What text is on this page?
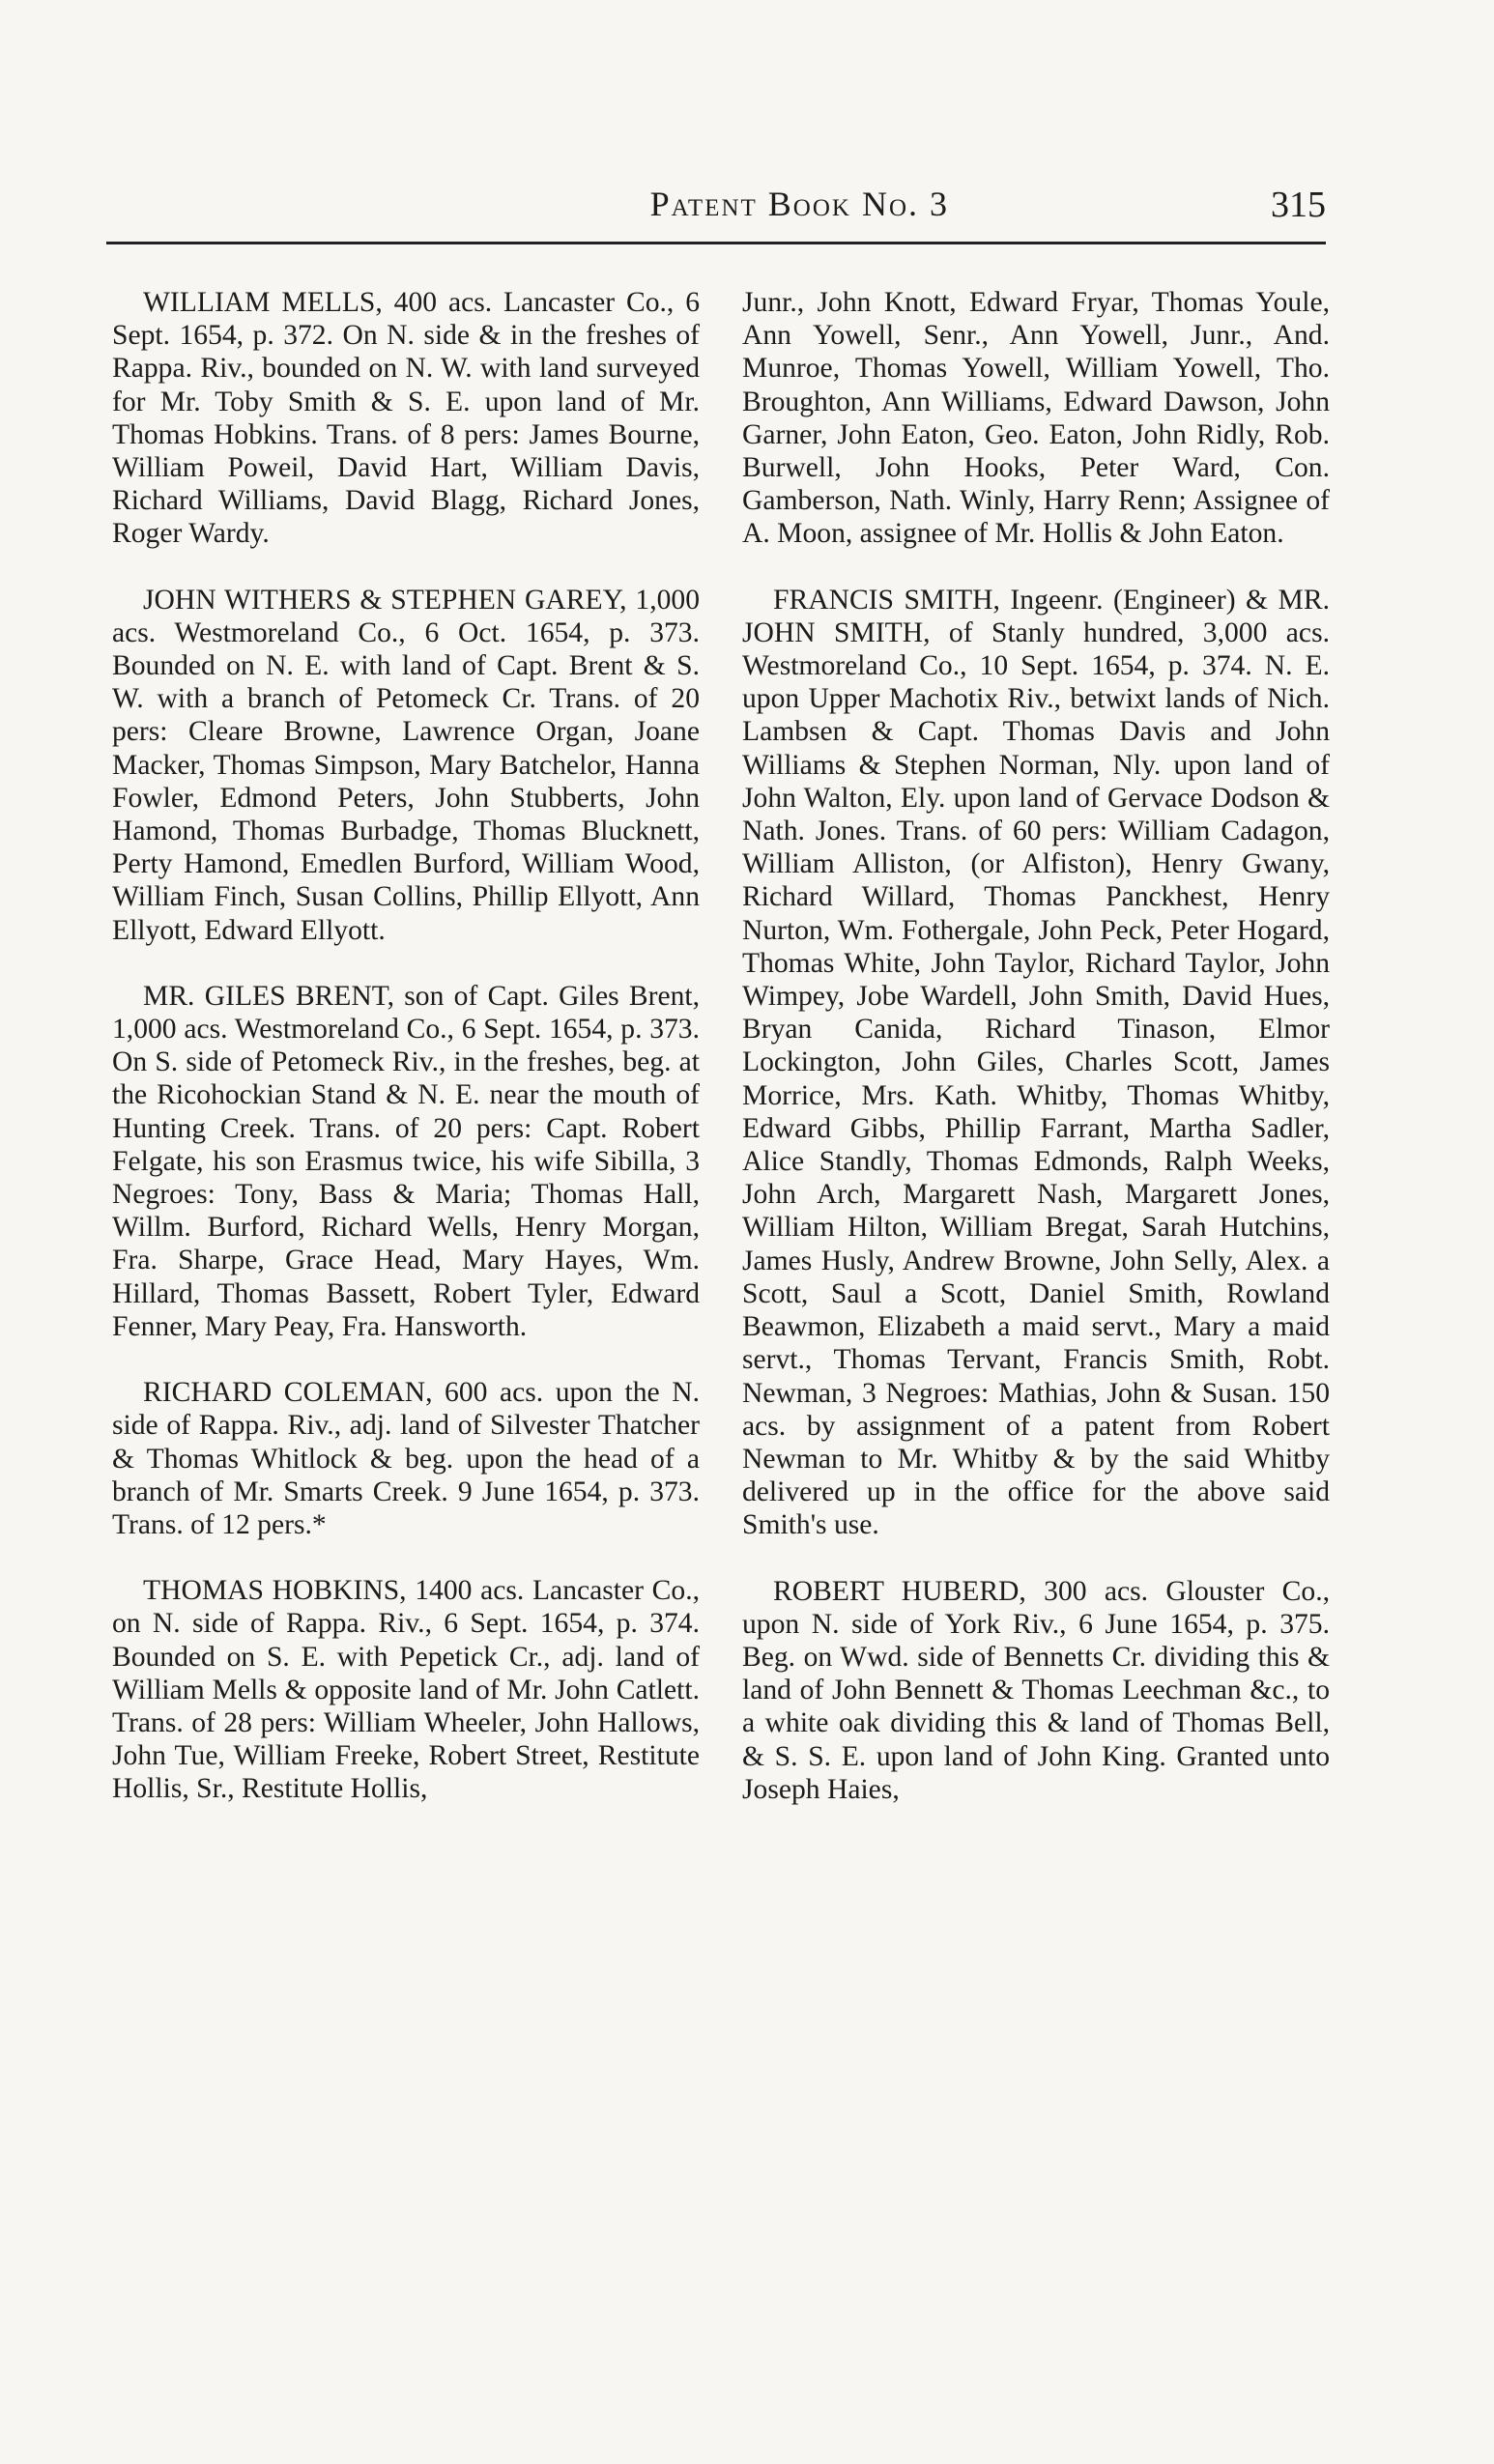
Patent Book No. 3	315

WILLIAM MELLS, 400 acs. Lancaster Co., 6 Sept. 1654, p. 372. On N. side & in the freshes of Rappa. Riv., bounded on N. W. with land surveyed for Mr. Toby Smith & S. E. upon land of Mr. Thomas Hobkins. Trans. of 8 pers: James Bourne, William Poweil, David Hart, William Davis, Richard Williams, David Blagg, Richard Jones, Roger Wardy.

JOHN WITHERS & STEPHEN GAREY, 1,000 acs. Westmoreland Co., 6 Oct. 1654, p. 373. Bounded on N. E. with land of Capt. Brent & S. W. with a branch of Petomeck Cr. Trans. of 20 pers: Cleare Browne, Lawrence Organ, Joane Macker, Thomas Simpson, Mary Batchelor, Hanna Fowler, Edmond Peters, John Stubberts, John Hamond, Thomas Burbadge, Thomas Blucknett, Perty Hamond, Emedlen Burford, William Wood, William Finch, Susan Collins, Phillip Ellyott, Ann Ellyott, Edward Ellyott.

MR. GILES BRENT, son of Capt. Giles Brent, 1,000 acs. Westmoreland Co., 6 Sept. 1654, p. 373. On S. side of Petomeck Riv., in the freshes, beg. at the Ricohockian Stand & N. E. near the mouth of Hunting Creek. Trans. of 20 pers: Capt. Robert Felgate, his son Erasmus twice, his wife Sibilla, 3 Negroes: Tony, Bass & Maria; Thomas Hall, Willm. Burford, Richard Wells, Henry Morgan, Fra. Sharpe, Grace Head, Mary Hayes, Wm. Hillard, Thomas Bassett, Robert Tyler, Edward Fenner, Mary Peay, Fra. Hansworth.

RICHARD COLEMAN, 600 acs. upon the N. side of Rappa. Riv., adj. land of Silvester Thatcher & Thomas Whitlock & beg. upon the head of a branch of Mr. Smarts Creek. 9 June 1654, p. 373. Trans. of 12 pers.*

THOMAS HOBKINS, 1400 acs. Lancaster Co., on N. side of Rappa. Riv., 6 Sept. 1654, p. 374. Bounded on S. E. with Pepetick Cr., adj. land of William Mells & opposite land of Mr. John Catlett. Trans. of 28 pers: William Wheeler, John Hallows, John Tue, William Freeke, Robert Street, Restitute Hollis, Sr., Restitute Hollis,

Junr., John Knott, Edward Fryar, Thomas Youle, Ann Yowell, Senr., Ann Yowell, Junr., And. Munroe, Thomas Yowell, William Yowell, Tho. Broughton, Ann Williams, Edward Dawson, John Garner, John Eaton, Geo. Eaton, John Ridly, Rob. Burwell, John Hooks, Peter Ward, Con. Gamberson, Nath. Winly, Harry Renn; Assignee of A. Moon, assignee of Mr. Hollis & John Eaton.

FRANCIS SMITH, Ingeenr. (Engineer) & MR. JOHN SMITH, of Stanly hundred, 3,000 acs. Westmoreland Co., 10 Sept. 1654, p. 374. N. E. upon Upper Machotix Riv., betwixt lands of Nich. Lambsen & Capt. Thomas Davis and John Williams & Stephen Norman, Nly. upon land of John Walton, Ely. upon land of Gervace Dodson & Nath. Jones. Trans. of 60 pers: William Cadagon, William Alliston, (or Alfiston), Henry Gwany, Richard Willard, Thomas Panckhest, Henry Nurton, Wm. Fothergale, John Peck, Peter Hogard, Thomas White, John Taylor, Richard Taylor, John Wimpey, Jobe Wardell, John Smith, David Hues, Bryan Canida, Richard Tinason, Elmor Lockington, John Giles, Charles Scott, James Morrice, Mrs. Kath. Whitby, Thomas Whitby, Edward Gibbs, Phillip Farrant, Martha Sadler, Alice Standly, Thomas Edmonds, Ralph Weeks, John Arch, Margarett Nash, Margarett Jones, William Hilton, William Bregat, Sarah Hutchins, James Husly, Andrew Browne, John Selly, Alex. a Scott, Saul a Scott, Daniel Smith, Rowland Beawmon, Elizabeth a maid servt., Mary a maid servt., Thomas Tervant, Francis Smith, Robt. Newman, 3 Negroes: Mathias, John & Susan. 150 acs. by assignment of a patent from Robert Newman to Mr. Whitby & by the said Whitby delivered up in the office for the above said Smith's use.

ROBERT HUBERD, 300 acs. Glouster Co., upon N. side of York Riv., 6 June 1654, p. 375. Beg. on Wwd. side of Bennetts Cr. dividing this & land of John Bennett & Thomas Leechman &c., to a white oak dividing this & land of Thomas Bell, & S. S. E. upon land of John King. Granted unto Joseph Haies,
